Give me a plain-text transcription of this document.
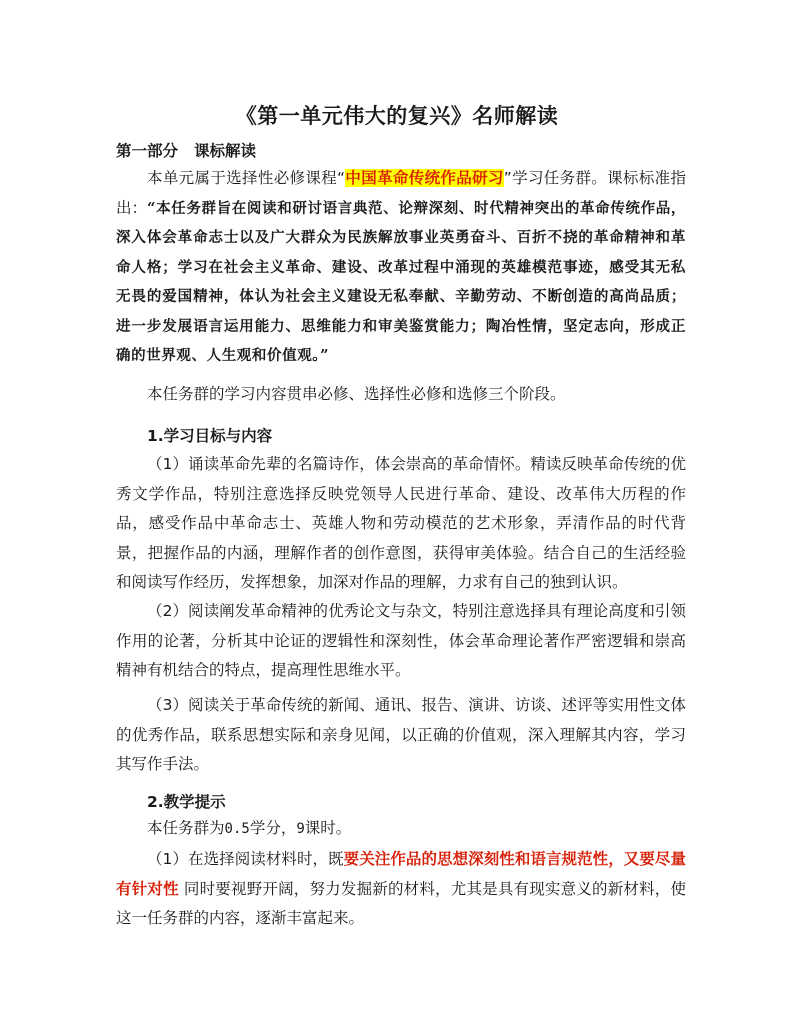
《第一单元伟大的复兴》名师解读
第一部分 课标解读

本单元属于选择性必修课程“中国革命传统作品研习”学习任务群。课标标准指出：“本任务群旨在阅读和研讨语言典范、论辩深刻、时代精神突出的革命传统作品，深入体会革命志士以及广大群众为民族解放事业英勇奋斗、百折不挠的革命精神和革命人格；学习在社会主义革命、建设、改革过程中涌现的英雄模范事迹，感受其无私无畏的爱国精神，体认为社会主义建设无私奉献、辛勤劳动、不断创造的高尚品质；进一步发展语言运用能力、思维能力和审美鉴赏能力；陶冶性情，坚定志向，形成正确的世界观、人生观和价值观。”

本任务群的学习内容贯串必修、选择性必修和选修三个阶段。

1.学习目标与内容

（1）诵读革命先辈的名篇诗作，体会崇高的革命情怀。精读反映革命传统的优秀文学作品，特别注意选择反映党领导人民进行革命、建设、改革伟大历程的作品，感受作品中革命志士、英雄人物和劳动模范的艺术形象，弄清作品的时代背景，把握作品的内涵，理解作者的创作意图，获得审美体验。结合自己的生活经验和阅读写作经历，发挥想象，加深对作品的理解，力求有自己的独到认识。

（2）阅读阐发革命精神的优秀论文与杂文，特别注意选择具有理论高度和引领作用的论著，分析其中论证的逻辑性和深刻性，体会革命理论著作严密逻辑和崇高精神有机结合的特点，提高理性思维水平。

（3）阅读关于革命传统的新闻、通讯、报告、演讲、访谈、述评等实用性文体的优秀作品，联系思想实际和亲身见闻，以正确的价值观，深入理解其内容，学习其写作手法。

2.教学提示

本任务群为0.5学分，9课时。

（1）在选择阅读材料时，既要关注作品的思想深刻性和语言规范性，又要尽量有针对性 同时要视野开阔，努力发掘新的材料，尤其是具有现实意义的新材料，使这一任务群的内容，逐渐丰富起来。
